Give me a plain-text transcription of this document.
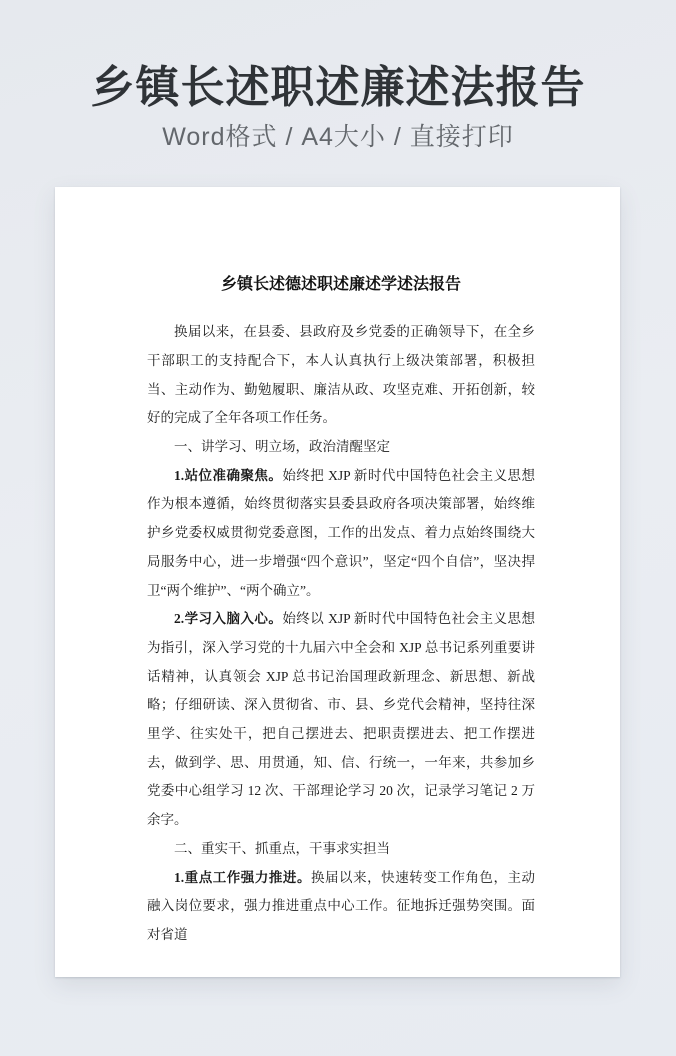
乡镇长述职述廉述法报告
Word格式 / A4大小 / 直接打印
乡镇长述德述职述廉述学述法报告

换届以来，在县委、县政府及乡党委的正确领导下，在全乡干部职工的支持配合下，本人认真执行上级决策部署，积极担当、主动作为、勤勉履职、廉洁从政、攻坚克难、开拓创新，较好的完成了全年各项工作任务。

一、讲学习、明立场，政治清醒坚定

1.站位准确聚焦。始终把 XJP 新时代中国特色社会主义思想作为根本遵循，始终贯彻落实县委县政府各项决策部署，始终维护乡党委权威贯彻党委意图，工作的出发点、着力点始终围绕大局服务中心，进一步增强“四个意识”，坚定“四个自信”，坚决捍卫“两个维护”、“两个确立”。

2.学习入脑入心。始终以 XJP 新时代中国特色社会主义思想为指引，深入学习党的十九届六中全会和 XJP 总书记系列重要讲话精神，认真领会 XJP 总书记治国理政新理念、新思想、新战略；仔细研读、深入贯彻省、市、县、乡党代会精神，坚持往深里学、往实处干，把自己摆进去、把职责摆进去、把工作摆进去，做到学、思、用贯通，知、信、行统一，一年来，共参加乡党委中心组学习 12 次、干部理论学习 20 次，记录学习笔记 2 万余字。

二、重实干、抓重点，干事求实担当

1.重点工作强力推进。换届以来，快速转变工作角色，主动融入岗位要求，强力推进重点中心工作。征地拆迁强势突围。面对省道
